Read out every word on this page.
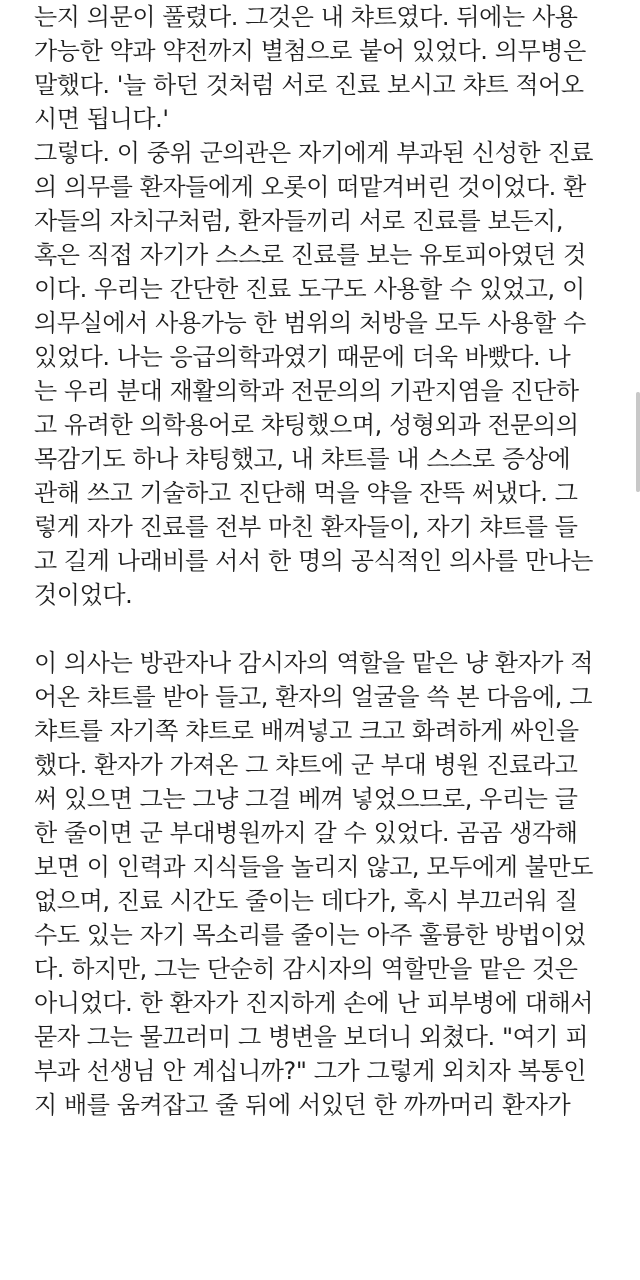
는지 의문이 풀렸다. 그것은 내 챠트였다. 뒤에는 사용
가능한 약과 약전까지 별첨으로 붙어 있었다. 의무병은
말했다. '늘 하던 것처럼 서로 진료 보시고 챠트 적어오
시면 됩니다.'
그렇다. 이 중위 군의관은 자기에게 부과된 신성한 진료
의 의무를 환자들에게 오롯이 떠맡겨버린 것이었다. 환
자들의 자치구처럼, 환자들끼리 서로 진료를 보든지,
혹은 직접 자기가 스스로 진료를 보는 유토피아였던 것
이다. 우리는 간단한 진료 도구도 사용할 수 있었고, 이
의무실에서 사용가능 한 범위의 처방을 모두 사용할 수
있었다. 나는 응급의학과였기 때문에 더욱 바빴다. 나
는 우리 분대 재활의학과 전문의의 기관지염을 진단하
고 유려한 의학용어로 챠팅했으며, 성형외과 전문의의
목감기도 하나 챠팅했고, 내 챠트를 내 스스로 증상에
관해 쓰고 기술하고 진단해 먹을 약을 잔뜩 써냈다. 그
렇게 자가 진료를 전부 마친 환자들이, 자기 챠트를 들
고 길게 나래비를 서서 한 명의 공식적인 의사를 만나는
것이었다.
이 의사는 방관자나 감시자의 역할을 맡은 냥 환자가 적
어온 챠트를 받아 들고, 환자의 얼굴을 쓱 본 다음에, 그
챠트를 자기쪽 챠트로 배껴넣고 크고 화려하게 싸인을
했다. 환자가 가져온 그 챠트에 군 부대 병원 진료라고
써 있으면 그는 그냥 그걸 베껴 넣었으므로, 우리는 글
한 줄이면 군 부대병원까지 갈 수 있었다. 곰곰 생각해
보면 이 인력과 지식들을 놀리지 않고, 모두에게 불만도
없으며, 진료 시간도 줄이는 데다가, 혹시 부끄러워 질
수도 있는 자기 목소리를 줄이는 아주 훌륭한 방법이었
다. 하지만, 그는 단순히 감시자의 역할만을 맡은 것은
아니었다. 한 환자가 진지하게 손에 난 피부병에 대해서
묻자 그는 물끄러미 그 병변을 보더니 외쳤다. "여기 피
부과 선생님 안 계십니까?" 그가 그렇게 외치자 복통인
지 배를 움켜잡고 줄 뒤에 서있던 한 까까머리 환자가
